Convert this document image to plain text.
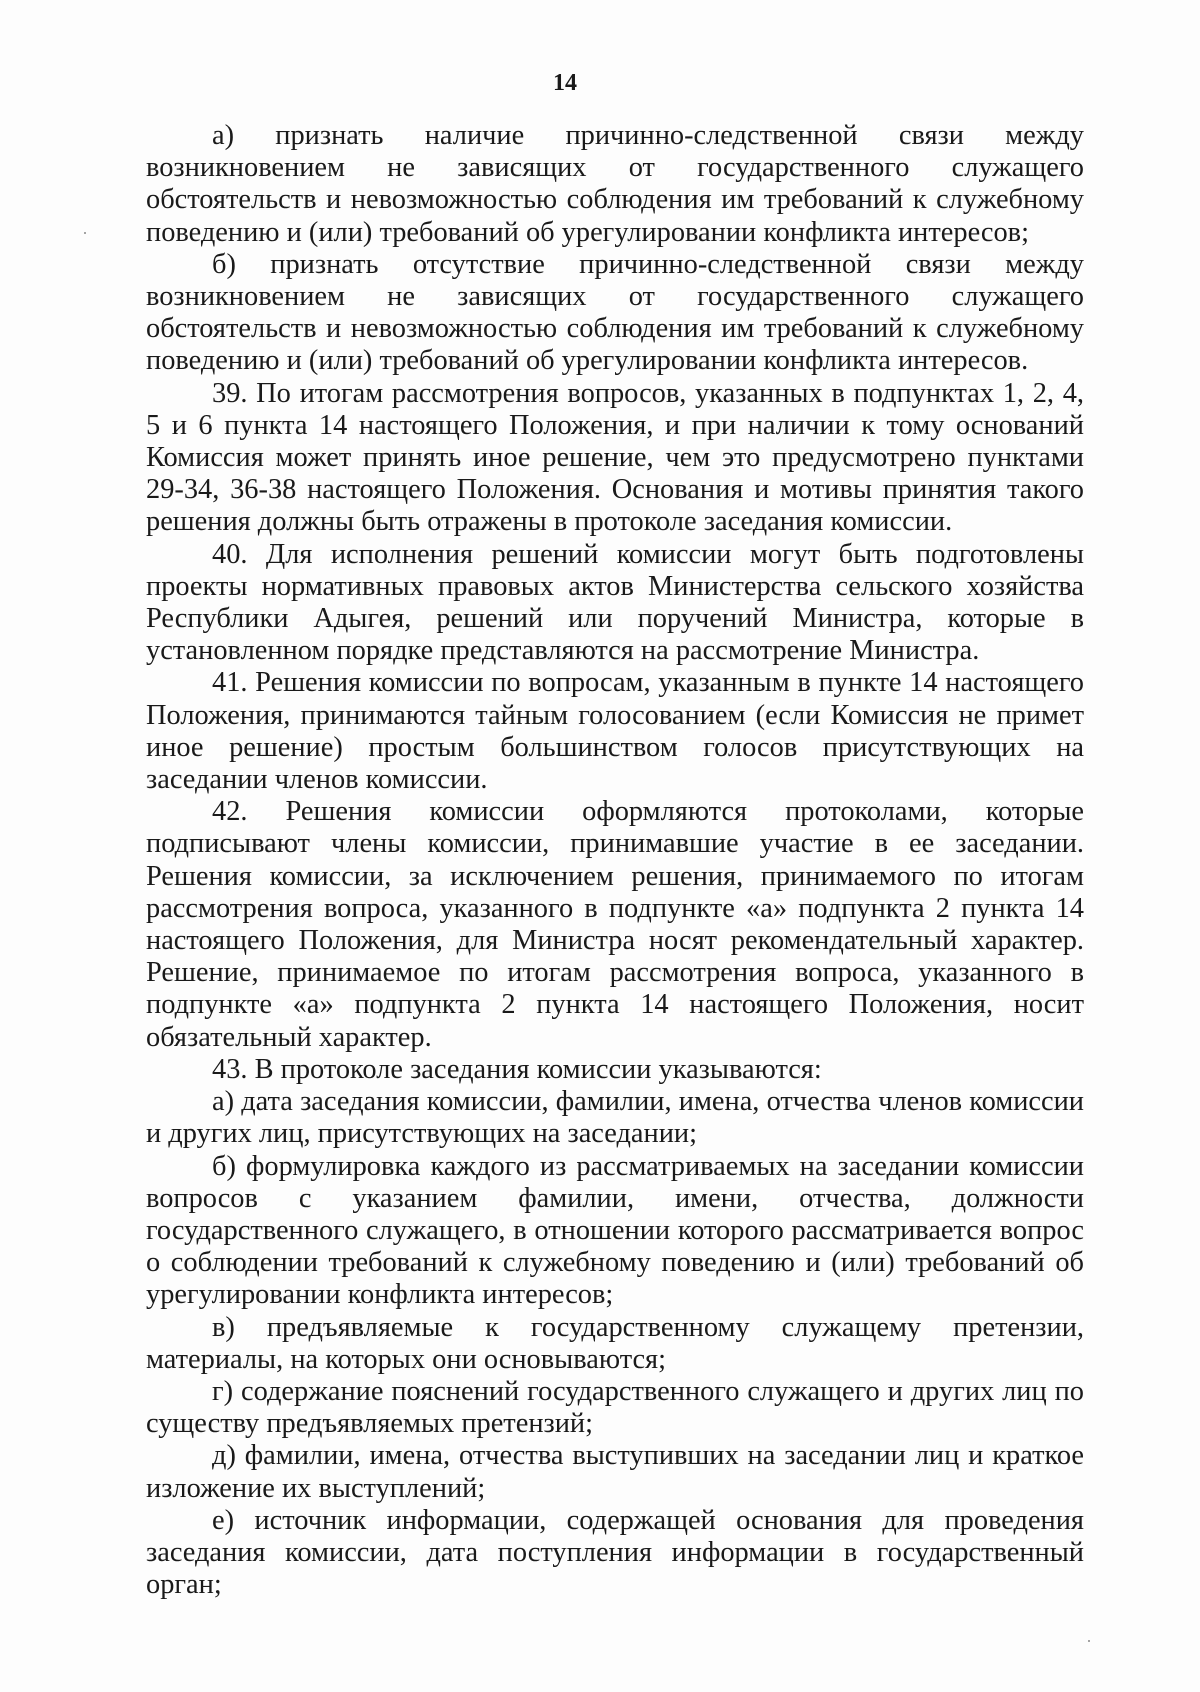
14

а) признать наличие причинно-следственной связи между возникновением не зависящих от государственного служащего обстоятельств и невозможностью соблюдения им требований к служебному поведению и (или) требований об урегулировании конфликта интересов;

б) признать отсутствие причинно-следственной связи между возникновением не зависящих от государственного служащего обстоятельств и невозможностью соблюдения им требований к служебному поведению и (или) требований об урегулировании конфликта интересов.

39. По итогам рассмотрения вопросов, указанных в подпунктах 1, 2, 4, 5 и 6 пункта 14 настоящего Положения, и при наличии к тому оснований Комиссия может принять иное решение, чем это предусмотрено пунктами 29-34, 36-38 настоящего Положения. Основания и мотивы принятия такого решения должны быть отражены в протоколе заседания комиссии.

40. Для исполнения решений комиссии могут быть подготовлены проекты нормативных правовых актов Министерства сельского хозяйства Республики Адыгея, решений или поручений Министра, которые в установленном порядке представляются на рассмотрение Министра.

41. Решения комиссии по вопросам, указанным в пункте 14 настоящего Положения, принимаются тайным голосованием (если Комиссия не примет иное решение) простым большинством голосов присутствующих на заседании членов комиссии.

42. Решения комиссии оформляются протоколами, которые подписывают члены комиссии, принимавшие участие в ее заседании. Решения комиссии, за исключением решения, принимаемого по итогам рассмотрения вопроса, указанного в подпункте «а» подпункта 2 пункта 14 настоящего Положения, для Министра носят рекомендательный характер. Решение, принимаемое по итогам рассмотрения вопроса, указанного в подпункте «а» подпункта 2 пункта 14 настоящего Положения, носит обязательный характер.

43. В протоколе заседания комиссии указываются:

а) дата заседания комиссии, фамилии, имена, отчества членов комиссии и других лиц, присутствующих на заседании;

б) формулировка каждого из рассматриваемых на заседании комиссии вопросов с указанием фамилии, имени, отчества, должности государственного служащего, в отношении которого рассматривается вопрос о соблюдении требований к служебному поведению и (или) требований об урегулировании конфликта интересов;

в) предъявляемые к государственному служащему претензии, материалы, на которых они основываются;

г) содержание пояснений государственного служащего и других лиц по существу предъявляемых претензий;

д) фамилии, имена, отчества выступивших на заседании лиц и краткое изложение их выступлений;

е) источник информации, содержащей основания для проведения заседания комиссии, дата поступления информации в государственный орган;
